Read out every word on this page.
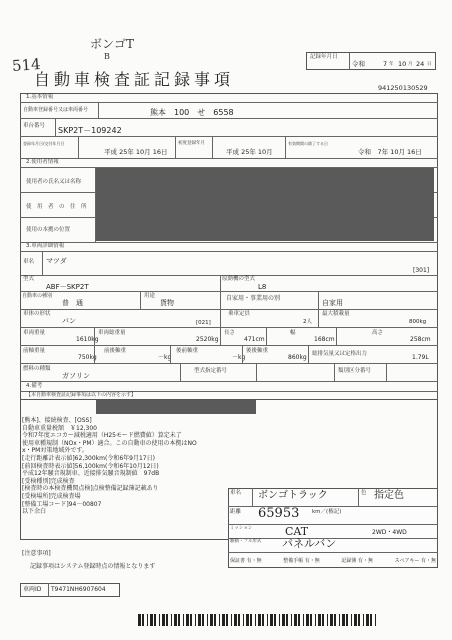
514
ボンゴT
B	記録年月日
令和	7 年 10 月 24 日
自動車検査証記録事項	941250130529
1.基本情報
自動車登録番号又は車両番号	熊本　100　せ　6558
車台番号 SKP2T－109242
登録年月日/交付年月日
平成 25年 10月 16日
初度登録年月
平成 25年 10月
有効期間の満了する日
令和　7年 10月 16日
2.使用者情報
使用者の氏名又は名称
使　用　者　の　住　所
使用の本拠の位置
3.車両詳細情報
車名 マツダ
[301]
型式
ABF－SKP2T
原動機の型式
L8
自動車の種別
普　通
用途
貨物
自家用・事業用の別
自家用
車体の形状
バン	[021]
乗車定員
2人
最大積載量
800kg
車両重量
1610kg
車両総重量
2520kg
長さ
471cm
幅
168cm
高さ
258cm
前軸重量
750kg
前後軸重
－kg
後前軸重
－kg
後後軸重
860kg 総排気量又は定格出力	1.79L
燃料の種類
ガソリン
型式指定番号	類別区分番号
4.備考
【本自動車検査証記録事項は以下の内容を示す】
[熊本]、接続検査、[OSS]
自動車重量税額　￥12,300
令和7年度エコカー減税適用（H25モード燃費値）算定未了
使用車種規制（NOx・PM）適合。この自動車の使用の本拠はNO
x・PM対策地域外です。
[走行距離計表示値]62,300km(令和6年9月17日)
[前回検査時表示値]56,100km(令和6年10月12日)
平成12年騒音規制車、近接排気騒音規制値　97dB
[受検種別]完成検査
[検査時の本検査機関点検]点検整備記録簿記載あり
[受検場所]完成検査場
[整備工場コード]94－00807
以下余白
車名 ボンゴトラック	色 指定色
距離 65953 km／(権記)
ミッション	CAT
駆動・フル形式 パネルバン
2WD・4WD
保証書 有・無	整備手帳 有・無	記録簿 有・無	スペアキー 有・無
[注意事項]
記録事項はシステム登録時点の情報となります
車両ID T9471NH6907604
